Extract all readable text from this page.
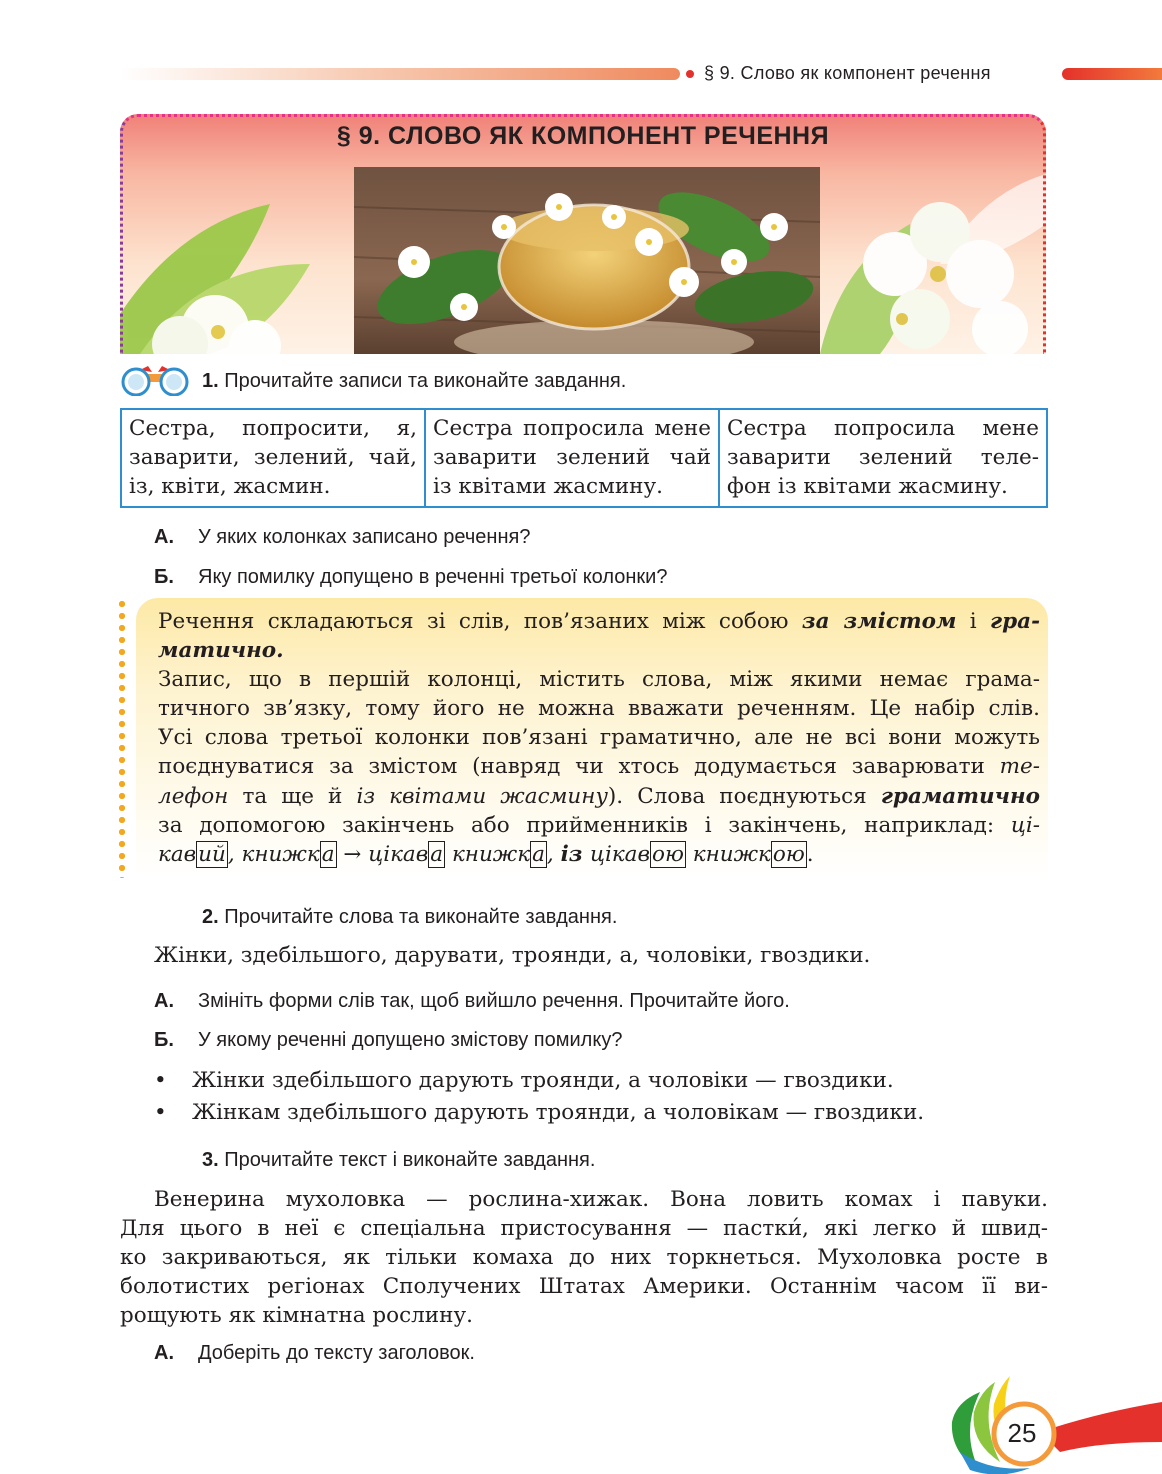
§ 9. Слово як компонент речення
§ 9. СЛОВО ЯК КОМПОНЕНТ РЕЧЕННЯ
1. Прочитайте записи та виконайте завдання.
Сестра, попросити, я,
заварити, зелений, чай,
із, квіти, жасмин.

Сестра попросила мене
заварити зелений чай
із квітами жасмину.

Сестра попросила мене
заварити зелений теле-
фон із квітами жасмину.
А. У яких колонках записано речення?
Б. Яку помилку допущено в реченні третьої колонки?
Речення складаються зі слів, пов’язаних між собою за змістом і гра-
матично.
Запис, що в першій колонці, містить слова, між якими немає грама-
тичного зв’язку, тому його не можна вважати реченням. Це набір слів.
Усі слова третьої колонки пов’язані граматично, але не всі вони можуть
поєднуватися за змістом (навряд чи хтось додумається заварювати те-
лефон та ще й із квітами жасмину). Слова поєднуються граматично
за допомогою закінчень або прийменників і закінчень, наприклад: ці-
кавий, книжка → цікава книжка, із цікавою книжкою.
2. Прочитайте слова та виконайте завдання.
Жінки, здебільшого, дарувати, троянди, а, чоловіки, гвоздики.
А. Змініть форми слів так, щоб вийшло речення. Прочитайте його.
Б. У якому реченні допущено змістову помилку?
• Жінки здебільшого дарують троянди, а чоловіки — гвоздики.
• Жінкам здебільшого дарують троянди, а чоловікам — гвоздики.
3. Прочитайте текст і виконайте завдання.
Венерина мухоловка — рослина-хижак. Вона ловить комах і павуки.
Для цього в неї є спеціальна пристосування — пастки́, які легко й швид-
ко закриваються, як тільки комаха до них торкнеться. Мухоловка росте в
болотистих регіонах Сполучених Штатах Америки. Останнім часом її ви-
рощують як кімнатна рослину.
А. Доберіть до тексту заголовок.
25
